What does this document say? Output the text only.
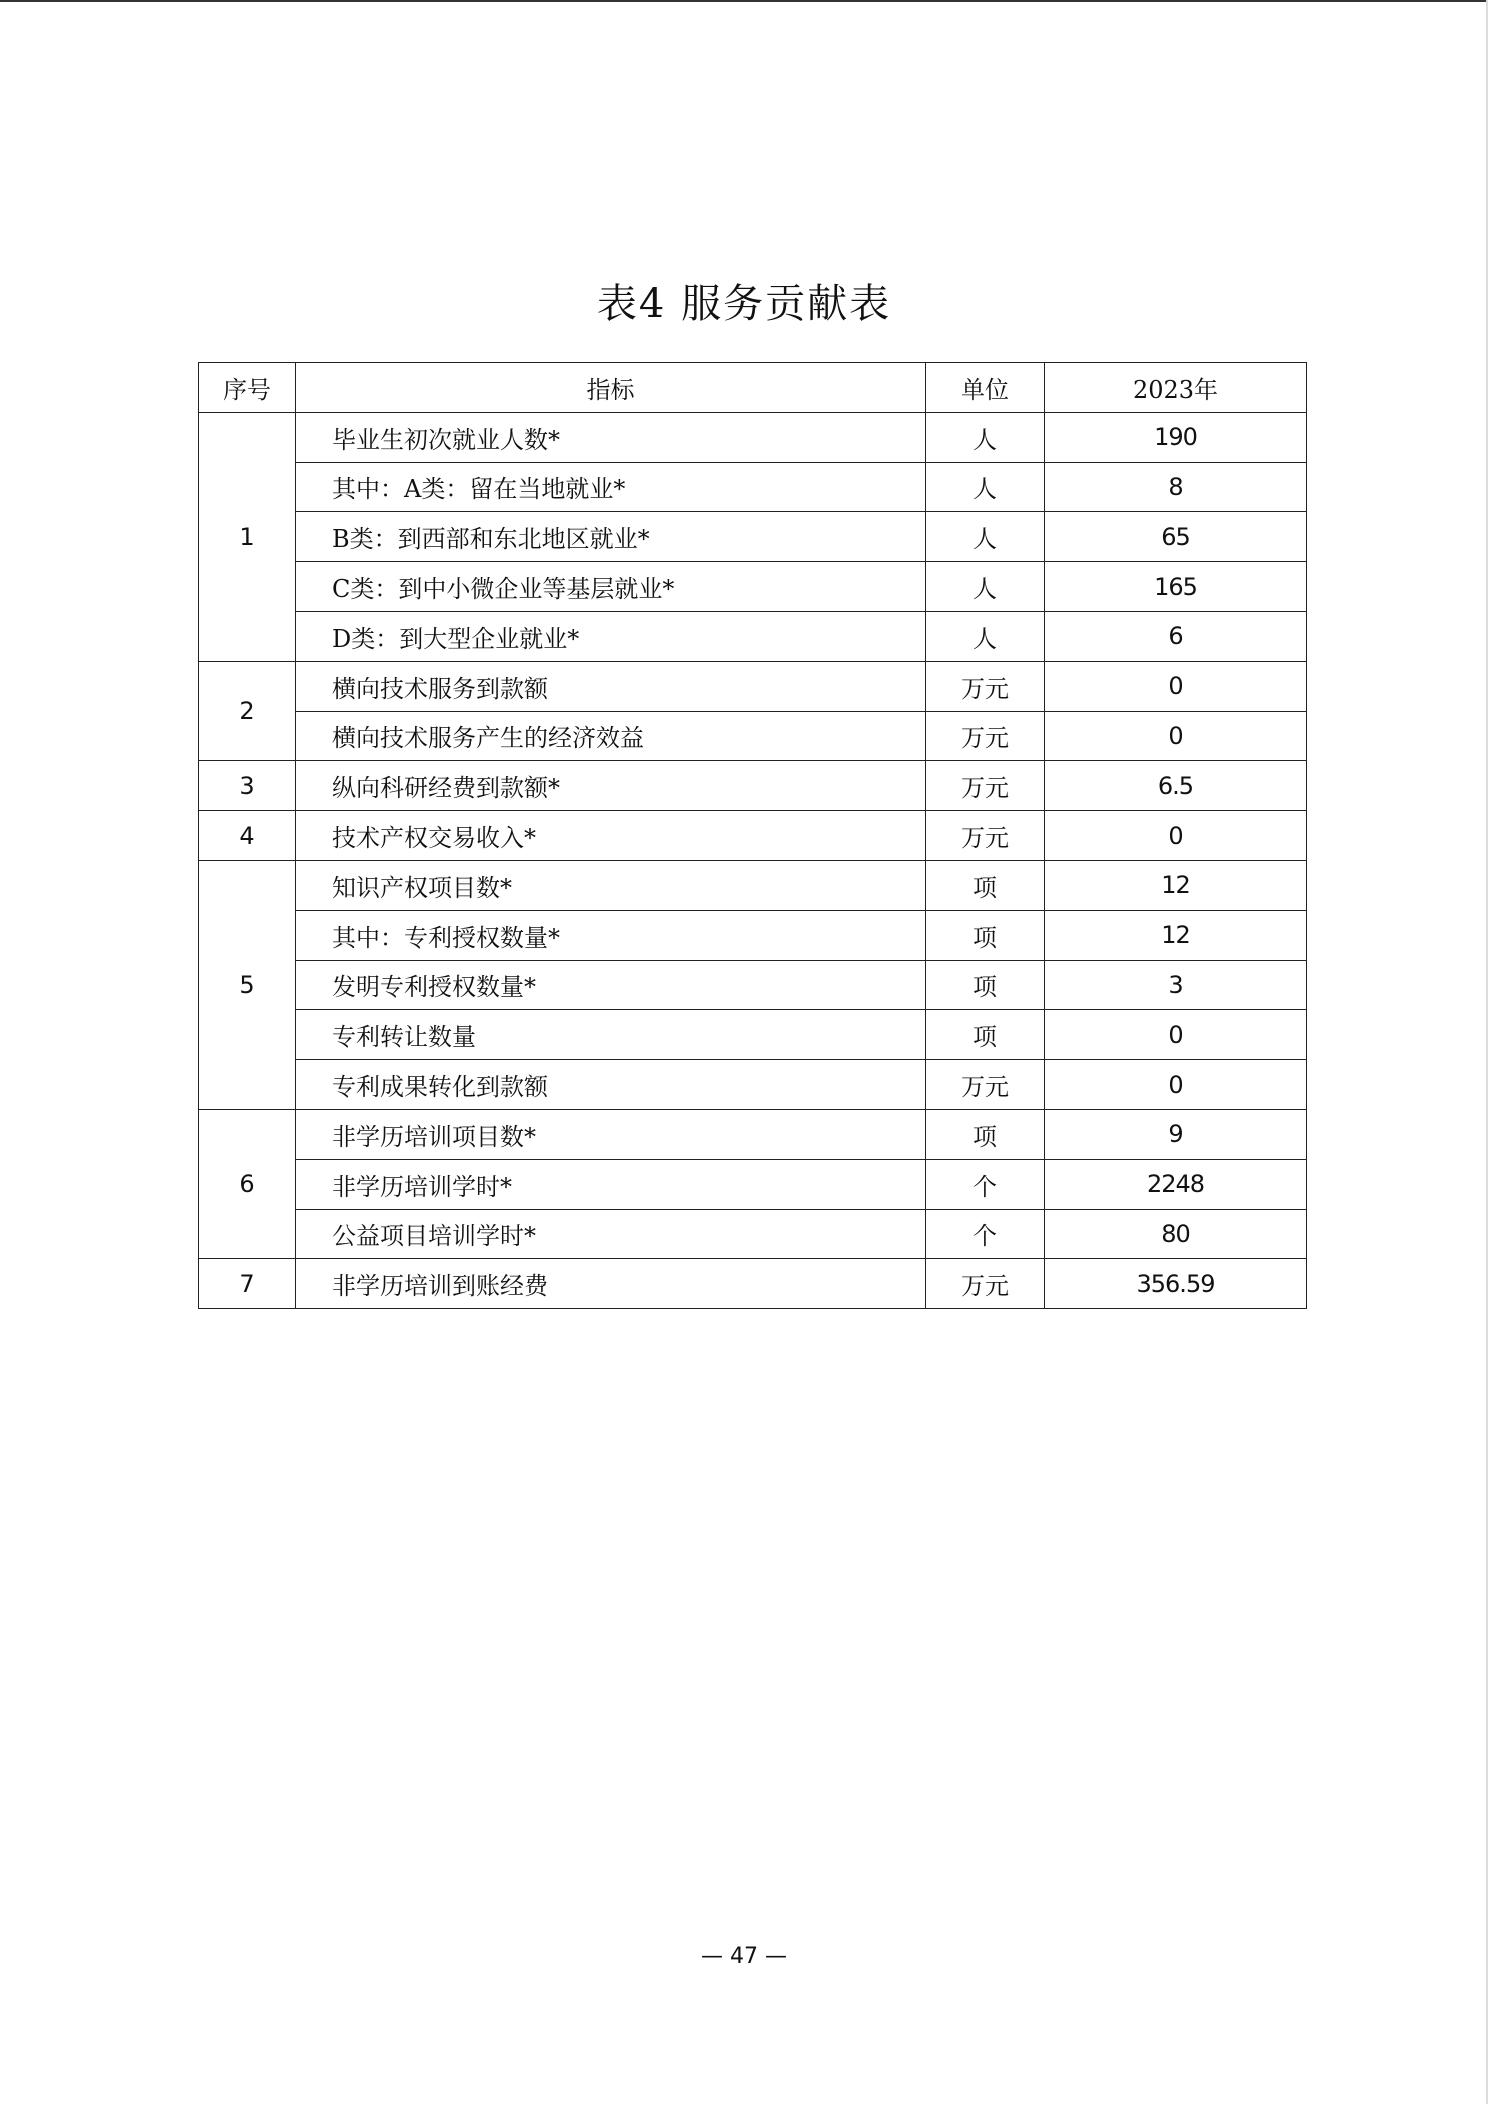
表4 服务贡献表
序号	指标	单位	2023年
1	毕业生初次就业人数*	人	190
	其中：A类：留在当地就业*	人	8
	B类：到西部和东北地区就业*	人	65
	C类：到中小微企业等基层就业*	人	165
	D类：到大型企业就业*	人	6
2	横向技术服务到款额	万元	0
	横向技术服务产生的经济效益	万元	0
3	纵向科研经费到款额*	万元	6.5
4	技术产权交易收入*	万元	0
5	知识产权项目数*	项	12
	其中：专利授权数量*	项	12
	发明专利授权数量*	项	3
	专利转让数量	项	0
	专利成果转化到款额	万元	0
6	非学历培训项目数*	项	9
	非学历培训学时*	个	2248
	公益项目培训学时*	个	80
7	非学历培训到账经费	万元	356.59
— 47 —
